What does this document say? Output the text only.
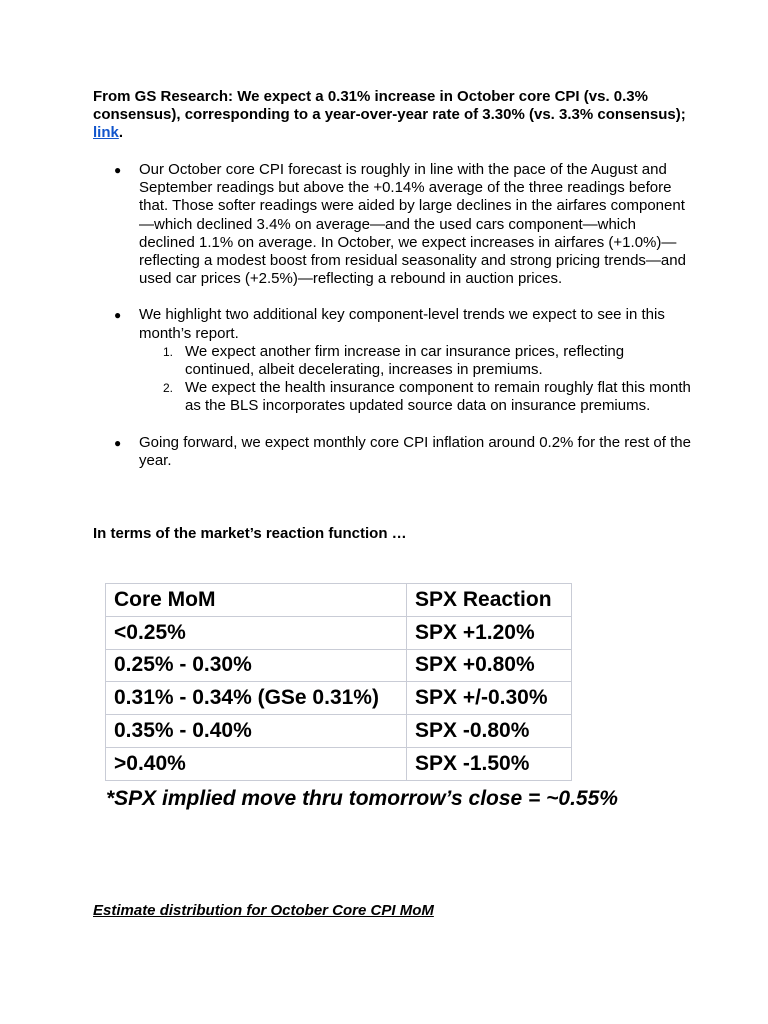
From GS Research: We expect a 0.31% increase in October core CPI (vs. 0.3% consensus), corresponding to a year-over-year rate of 3.30% (vs. 3.3% consensus); link.
● Our October core CPI forecast is roughly in line with the pace of the August and September readings but above the +0.14% average of the three readings before that. Those softer readings were aided by large declines in the airfares component—which declined 3.4% on average—and the used cars component—which declined 1.1% on average. In October, we expect increases in airfares (+1.0%)—reflecting a modest boost from residual seasonality and strong pricing trends—and used car prices (+2.5%)—reflecting a rebound in auction prices.
● We highlight two additional key component-level trends we expect to see in this month’s report.
1. We expect another firm increase in car insurance prices, reflecting continued, albeit decelerating, increases in premiums.
2. We expect the health insurance component to remain roughly flat this month as the BLS incorporates updated source data on insurance premiums.
● Going forward, we expect monthly core CPI inflation around 0.2% for the rest of the year.
In terms of the market’s reaction function …
Core MoM	SPX Reaction
<0.25%	SPX +1.20%
0.25% - 0.30%	SPX +0.80%
0.31% - 0.34% (GSe 0.31%)	SPX +/-0.30%
0.35% - 0.40%	SPX -0.80%
>0.40%	SPX -1.50%
*SPX implied move thru tomorrow’s close = ~0.55%
Estimate distribution for October Core CPI MoM
